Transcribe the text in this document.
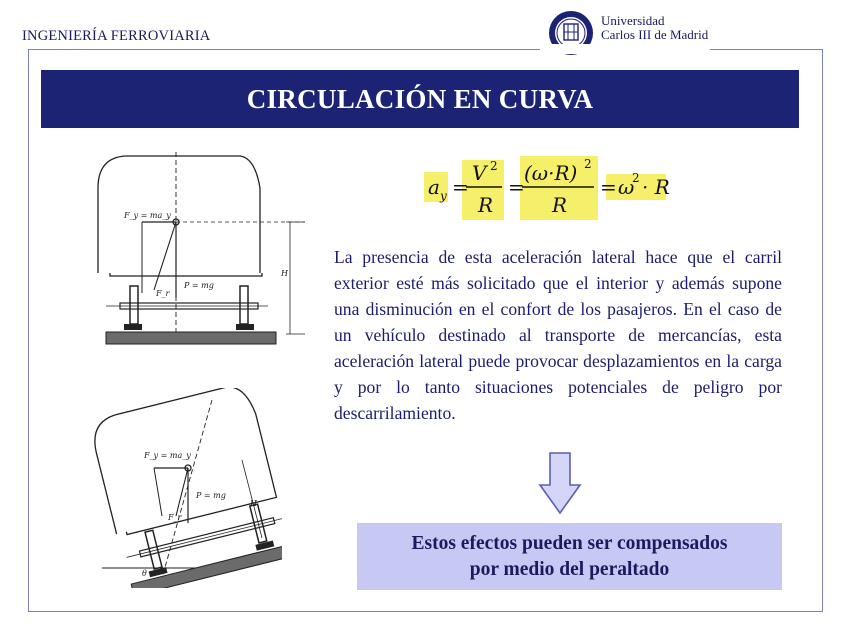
INGENIERÍA FERROVIARIA
Universidad
Carlos III de Madrid
CIRCULACIÓN EN CURVA
F_y = ma_y
P = mg
F_r
H
F_y = ma_y
P = mg
F_r
H
θ
a y =
V 2
R
=
(ω·R) 2
R
= ω
2 · R
La presencia de esta aceleración lateral hace que el carril exterior esté más solicitado que el interior y además supone una disminución en el confort de los pasajeros. En el caso de un vehículo destinado al transporte de mercancías, esta aceleración lateral puede provocar desplazamientos en la carga y por lo tanto situaciones potenciales de peligro por descarrilamiento.
Estos efectos pueden ser compensados
por medio del peraltado
